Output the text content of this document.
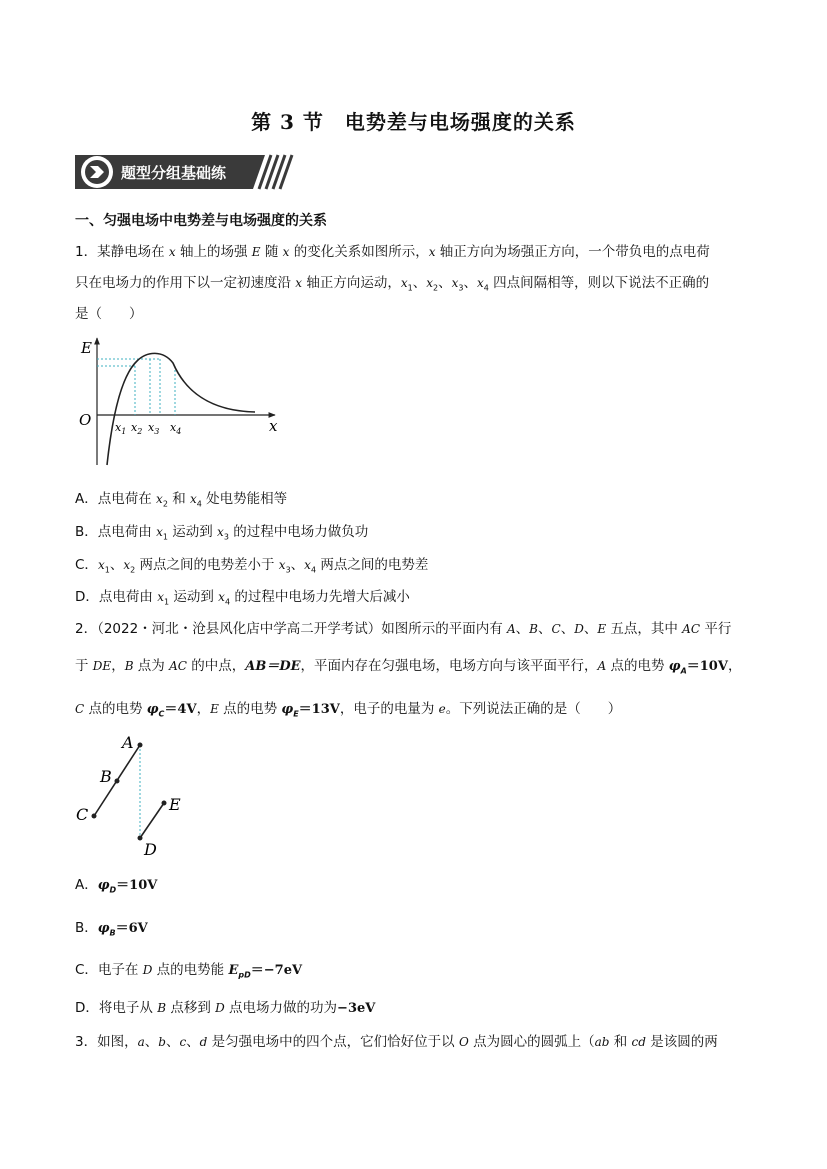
第 3 节　电势差与电场强度的关系
题型分组基础练
一、匀强电场中电势差与电场强度的关系
1．某静电场在 x 轴上的场强 E 随 x 的变化关系如图所示，x 轴正方向为场强正方向，一个带负电的点电荷
只在电场力的作用下以一定初速度沿 x 轴正方向运动，$x_1$、$x_2$、$x_3$、$x_4$ 四点间隔相等，则以下说法不正确的
是（　　）
E
x
O $x_1$ $x_2$ $x_3$ $x_4$
A．点电荷在 $x_2$ 和 $x_4$ 处电势能相等
B．点电荷由 $x_1$ 运动到 $x_3$ 的过程中电场力做负功
C．$x_1$、$x_2$ 两点之间的电势差小于 $x_3$、$x_4$ 两点之间的电势差
D．点电荷由 $x_1$ 运动到 $x_4$ 的过程中电场力先增大后减小
2．（2022・河北・沧县风化店中学高二开学考试）如图所示的平面内有 A、B、C、D、E 五点，其中 AC 平行
于 DE，B 点为 AC 的中点，AB＝DE，平面内存在匀强电场，电场方向与该平面平行，A 点的电势 $\varphi_A=10V$，
C 点的电势 $\varphi_C=4V$，E 点的电势 $\varphi_E=13V$，电子的电量为 e。下列说法正确的是（　　）
A
B
C
D
E
A．$\varphi_D=10V$
B．$\varphi_B=6V$
C．电子在 D 点的电势能 $E_{pD}=-7eV$
D．将电子从 B 点移到 D 点电场力做的功为−3eV
3．如图，a、b、c、d 是匀强电场中的四个点，它们恰好位于以 O 点为圆心的圆弧上（ab 和 cd 是该圆的两
